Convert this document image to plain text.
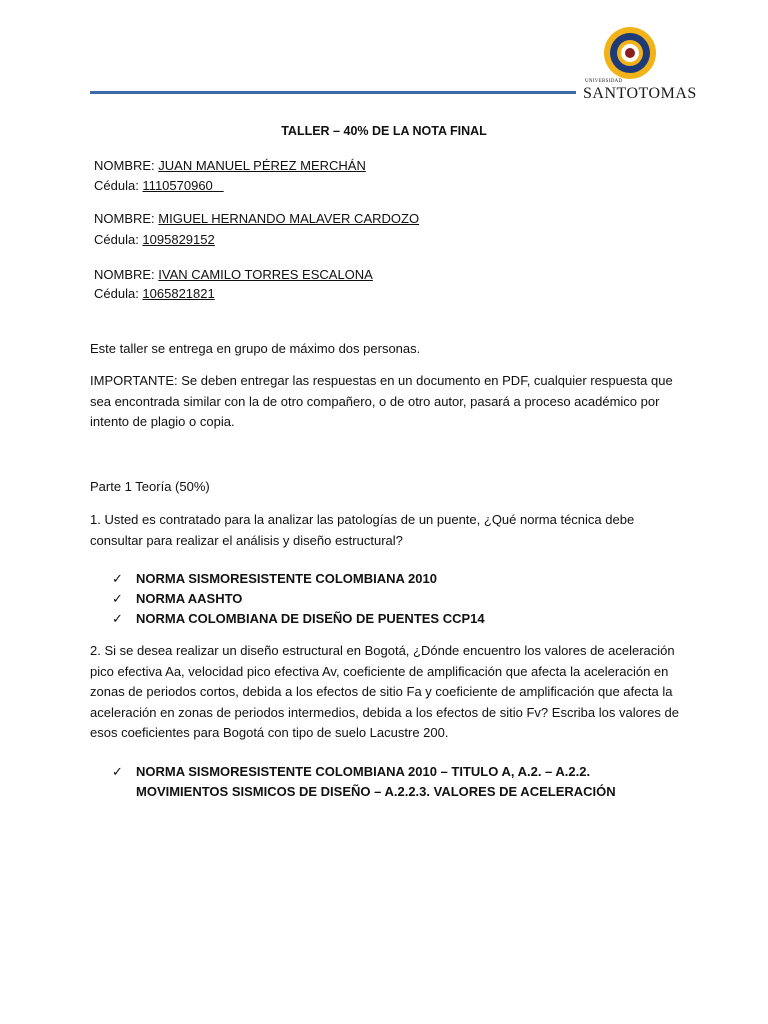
UNIVERSIDAD
SANTOTOMAS
TALLER – 40% DE LA NOTA FINAL
NOMBRE: JUAN MANUEL PÉREZ MERCHÁN
Cédula: 1110570960
NOMBRE: MIGUEL HERNANDO MALAVER CARDOZO
Cédula: 1095829152
NOMBRE: IVAN CAMILO TORRES ESCALONA
Cédula: 1065821821
Este taller se entrega en grupo de máximo dos personas.
IMPORTANTE: Se deben entregar las respuestas en un documento en PDF, cualquier respuesta que sea encontrada similar con la de otro compañero, o de otro autor, pasará a proceso académico por intento de plagio o copia.
Parte 1 Teoría (50%)
1. Usted es contratado para la analizar las patologías de un puente, ¿Qué norma técnica debe consultar para realizar el análisis y diseño estructural?
✓ NORMA SISMORESISTENTE COLOMBIANA 2010
✓ NORMA AASHTO
✓ NORMA COLOMBIANA DE DISEÑO DE PUENTES CCP14
2. Si se desea realizar un diseño estructural en Bogotá, ¿Dónde encuentro los valores de aceleración pico efectiva Aa, velocidad pico efectiva Av, coeficiente de amplificación que afecta la aceleración en zonas de periodos cortos, debida a los efectos de sitio Fa y coeficiente de amplificación que afecta la aceleración en zonas de periodos intermedios, debida a los efectos de sitio Fv? Escriba los valores de esos coeficientes para Bogotá con tipo de suelo Lacustre 200.
✓ NORMA SISMORESISTENTE COLOMBIANA 2010 – TITULO A, A.2. – A.2.2. MOVIMIENTOS SISMICOS DE DISEÑO – A.2.2.3. VALORES DE ACELERACIÓN
